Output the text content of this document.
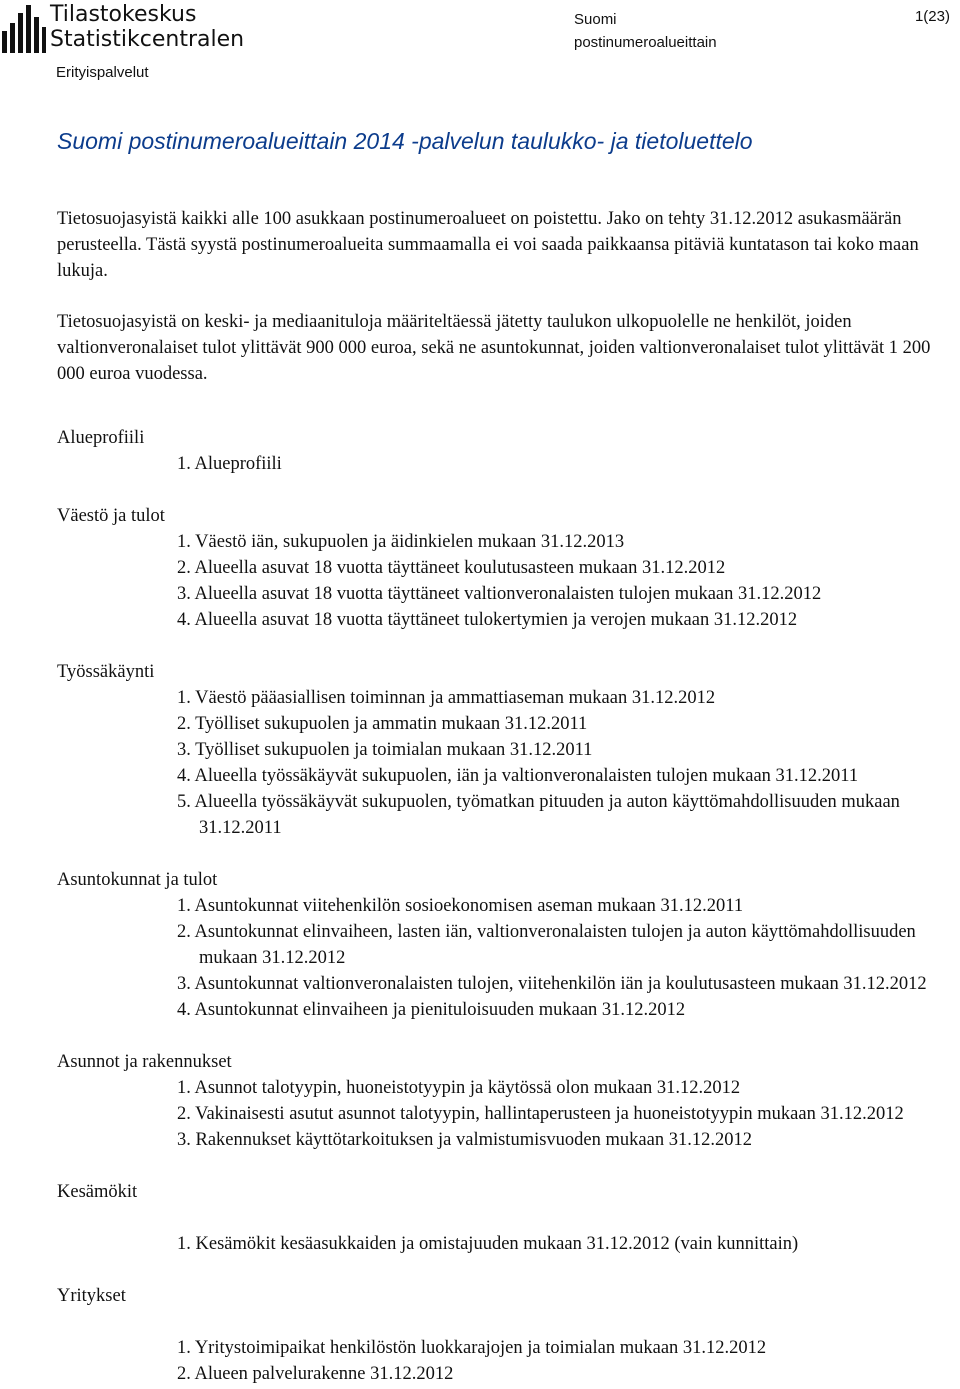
Tilastokeskus
Statistikcentralen
Erityispalvelut
Suomi
postinumeroalueittain
1(23)
Suomi postinumeroalueittain 2014 -palvelun taulukko- ja tietoluettelo

Tietosuojasyistä kaikki alle 100 asukkaan postinumeroalueet on poistettu. Jako on tehty 31.12.2012 asukasmäärän perusteella. Tästä syystä postinumeroalueita summaamalla ei voi saada paikkaansa pitäviä kuntatason tai koko maan lukuja.

Tietosuojasyistä on keski- ja mediaanituloja määriteltäessä jätetty taulukon ulkopuolelle ne henkilöt, joiden valtionveronalaiset tulot ylittävät 900 000 euroa, sekä ne asuntokunnat, joiden valtionveronalaiset tulot ylittävät 1 200 000 euroa vuodessa.

Alueprofiili
1. Alueprofiili
Väestö ja tulot
1. Väestö iän, sukupuolen ja äidinkielen mukaan 31.12.2013
2. Alueella asuvat 18 vuotta täyttäneet koulutusasteen mukaan 31.12.2012
3. Alueella asuvat 18 vuotta täyttäneet valtionveronalaisten tulojen mukaan 31.12.2012
4. Alueella asuvat 18 vuotta täyttäneet tulokertymien ja verojen mukaan 31.12.2012
Työssäkäynti
1. Väestö pääasiallisen toiminnan ja ammattiaseman mukaan 31.12.2012
2. Työlliset sukupuolen ja ammatin mukaan 31.12.2011
3. Työlliset sukupuolen ja toimialan mukaan 31.12.2011
4. Alueella työssäkäyvät sukupuolen, iän ja valtionveronalaisten tulojen mukaan 31.12.2011
5. Alueella työssäkäyvät sukupuolen, työmatkan pituuden ja auton käyttömahdollisuuden mukaan 31.12.2011
Asuntokunnat ja tulot
1. Asuntokunnat viitehenkilön sosioekonomisen aseman mukaan 31.12.2011
2. Asuntokunnat elinvaiheen, lasten iän, valtionveronalaisten tulojen ja auton käyttömahdollisuuden mukaan 31.12.2012
3. Asuntokunnat valtionveronalaisten tulojen, viitehenkilön iän ja koulutusasteen mukaan 31.12.2012
4. Asuntokunnat elinvaiheen ja pienituloisuuden mukaan 31.12.2012
Asunnot ja rakennukset
1. Asunnot talotyypin, huoneistotyypin ja käytössä olon mukaan 31.12.2012
2. Vakinaisesti asutut asunnot talotyypin, hallintaperusteen ja huoneistotyypin mukaan 31.12.2012
3. Rakennukset käyttötarkoituksen ja valmistumisvuoden mukaan 31.12.2012
Kesämökit
1. Kesämökit kesäasukkaiden ja omistajuuden mukaan 31.12.2012 (vain kunnittain)
Yritykset
1. Yritystoimipaikat henkilöstön luokkarajojen ja toimialan mukaan 31.12.2012
2. Alueen palvelurakenne 31.12.2012
